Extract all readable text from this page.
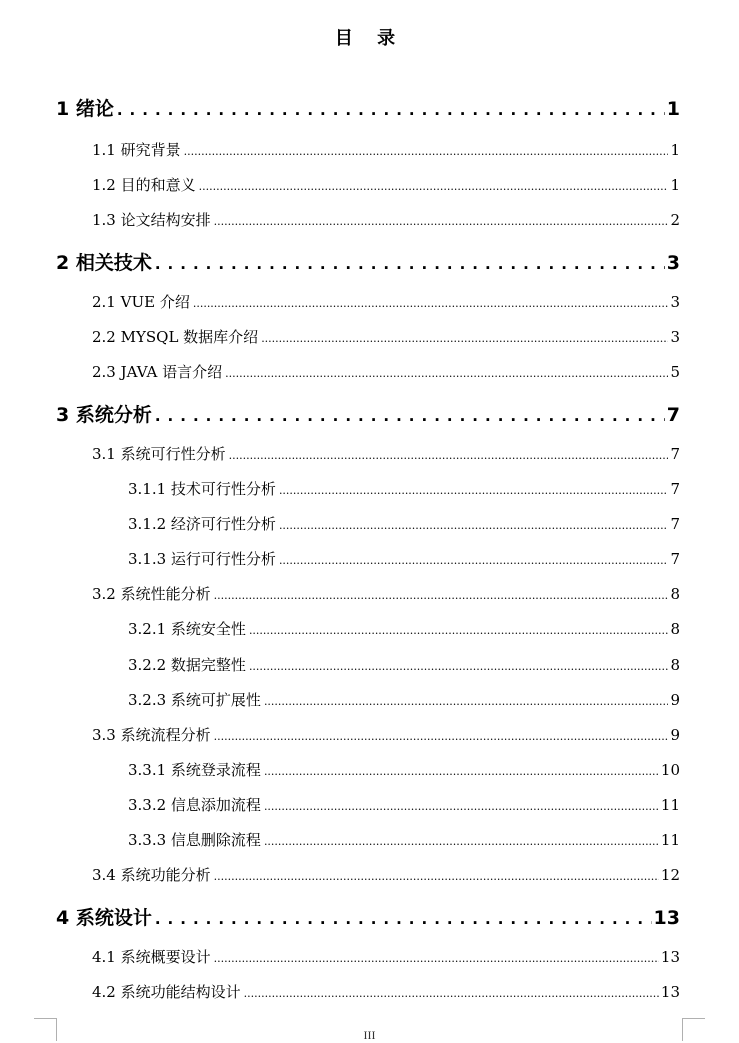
目 录
1 绪论 .....	1
1.1 研究背景 .....	1
1.2 目的和意义 .....	1
1.3 论文结构安排 .....	2
2 相关技术 .....	3
2.1 VUE 介绍 .....	3
2.2 MYSQL 数据库介绍 .....	3
2.3 JAVA 语言介绍 .....	5
3 系统分析 .....	7
3.1 系统可行性分析 .....	7
3.1.1 技术可行性分析 .....	7
3.1.2 经济可行性分析 .....	7
3.1.3 运行可行性分析 .....	7
3.2 系统性能分析 .....	8
3.2.1 系统安全性 .....	8
3.2.2 数据完整性 .....	8
3.2.3 系统可扩展性 .....	9
3.3 系统流程分析 .....	9
3.3.1 系统登录流程 .....	10
3.3.2 信息添加流程 .....	11
3.3.3 信息删除流程 .....	11
3.4 系统功能分析 .....	12
4 系统设计 .....	13
4.1 系统概要设计 .....	13
4.2 系统功能结构设计 .....	13
III
